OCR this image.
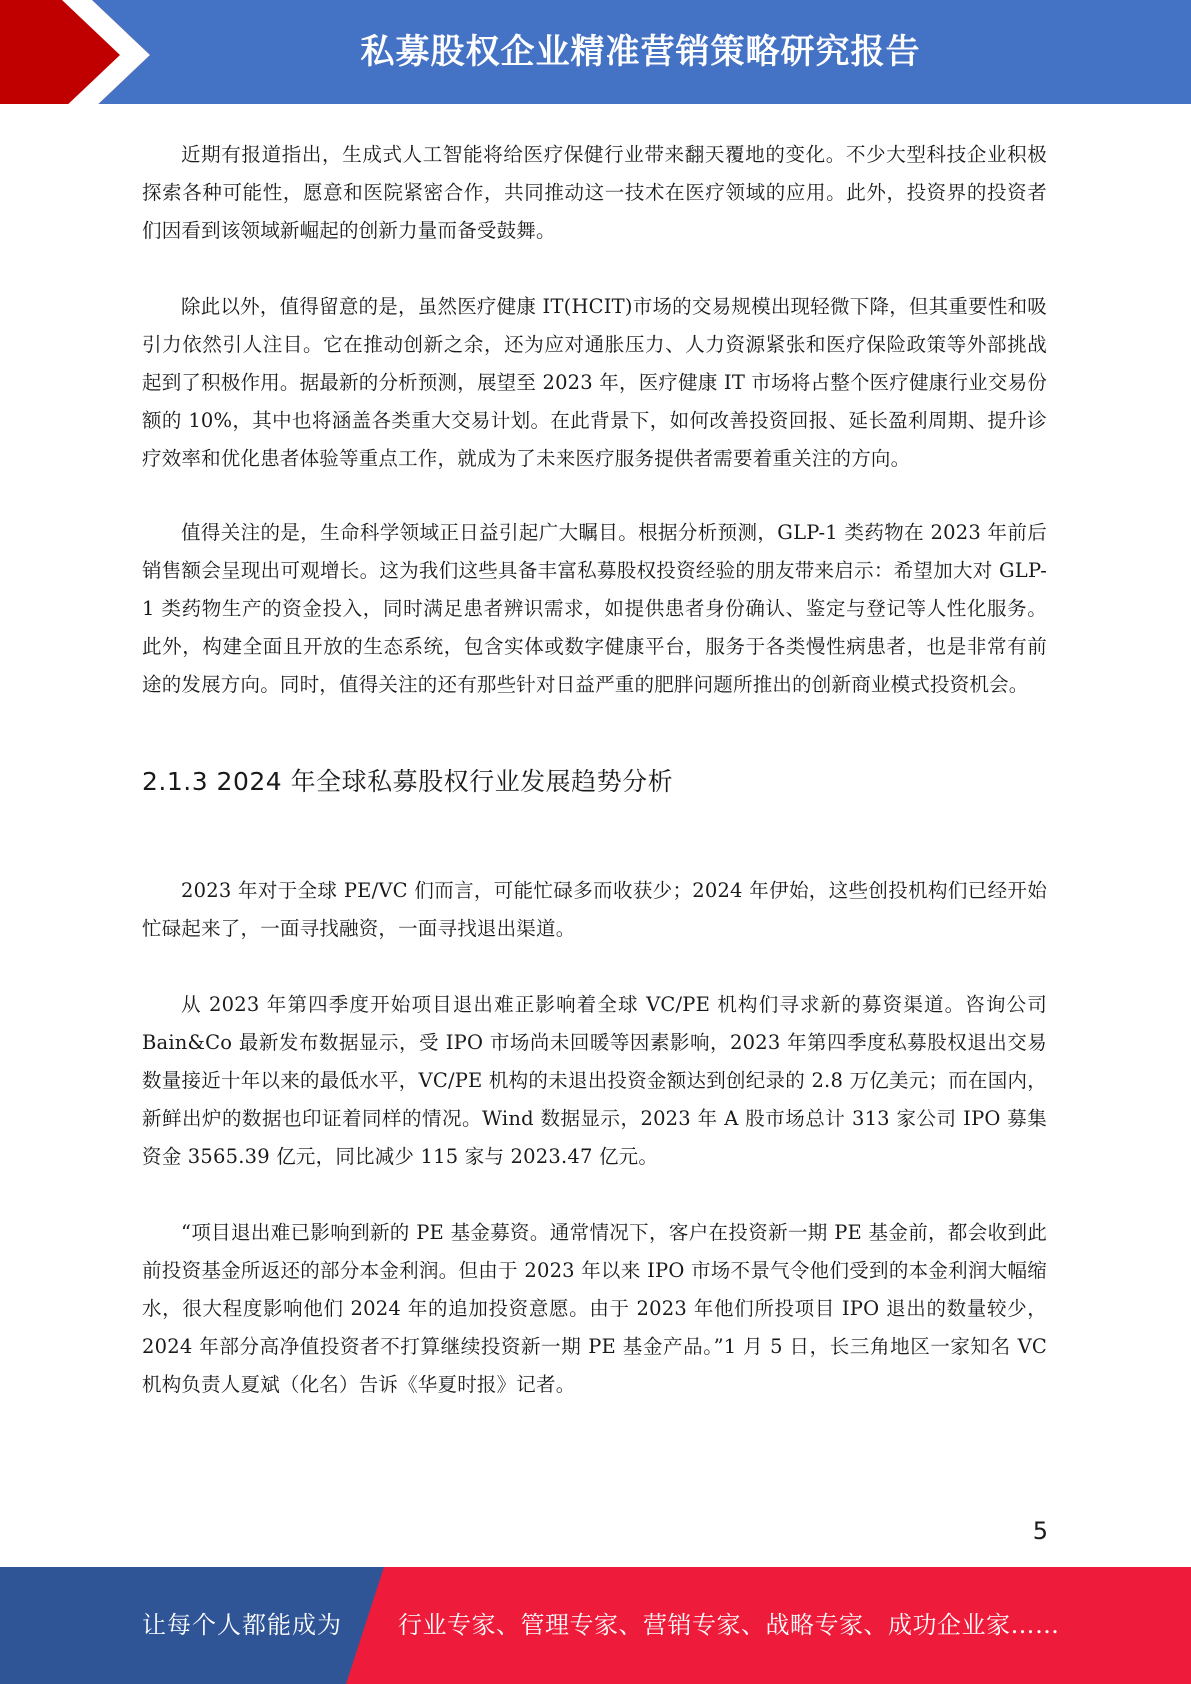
私募股权企业精准营销策略研究报告

近期有报道指出，生成式人工智能将给医疗保健行业带来翻天覆地的变化。不少大型科技企业积极探索各种可能性，愿意和医院紧密合作，共同推动这一技术在医疗领域的应用。此外，投资界的投资者们因看到该领域新崛起的创新力量而备受鼓舞。

除此以外，值得留意的是，虽然医疗健康 IT(HCIT)市场的交易规模出现轻微下降，但其重要性和吸引力依然引人注目。它在推动创新之余，还为应对通胀压力、人力资源紧张和医疗保险政策等外部挑战起到了积极作用。据最新的分析预测，展望至 2023 年，医疗健康 IT 市场将占整个医疗健康行业交易份额的 10%，其中也将涵盖各类重大交易计划。在此背景下，如何改善投资回报、延长盈利周期、提升诊疗效率和优化患者体验等重点工作，就成为了未来医疗服务提供者需要着重关注的方向。

值得关注的是，生命科学领域正日益引起广大瞩目。根据分析预测，GLP-1 类药物在 2023 年前后销售额会呈现出可观增长。这为我们这些具备丰富私募股权投资经验的朋友带来启示：希望加大对 GLP-1 类药物生产的资金投入，同时满足患者辨识需求，如提供患者身份确认、鉴定与登记等人性化服务。此外，构建全面且开放的生态系统，包含实体或数字健康平台，服务于各类慢性病患者，也是非常有前途的发展方向。同时，值得关注的还有那些针对日益严重的肥胖问题所推出的创新商业模式投资机会。

2.1.3 2024 年全球私募股权行业发展趋势分析

2023 年对于全球 PE/VC 们而言，可能忙碌多而收获少；2024 年伊始，这些创投机构们已经开始忙碌起来了，一面寻找融资，一面寻找退出渠道。

从 2023 年第四季度开始项目退出难正影响着全球 VC/PE 机构们寻求新的募资渠道。咨询公司 Bain&Co 最新发布数据显示，受 IPO 市场尚未回暖等因素影响，2023 年第四季度私募股权退出交易数量接近十年以来的最低水平，VC/PE 机构的未退出投资金额达到创纪录的 2.8 万亿美元；而在国内，新鲜出炉的数据也印证着同样的情况。Wind 数据显示，2023 年 A 股市场总计 313 家公司 IPO 募集资金 3565.39 亿元，同比减少 115 家与 2023.47 亿元。

“项目退出难已影响到新的 PE 基金募资。通常情况下，客户在投资新一期 PE 基金前，都会收到此前投资基金所返还的部分本金利润。但由于 2023 年以来 IPO 市场不景气令他们受到的本金利润大幅缩水，很大程度影响他们 2024 年的追加投资意愿。由于 2023 年他们所投项目 IPO 退出的数量较少，2024 年部分高净值投资者不打算继续投资新一期 PE 基金产品。”1 月 5 日，长三角地区一家知名 VC 机构负责人夏斌（化名）告诉《华夏时报》记者。

5
让每个人都能成为 行业专家、管理专家、营销专家、战略专家、成功企业家……
